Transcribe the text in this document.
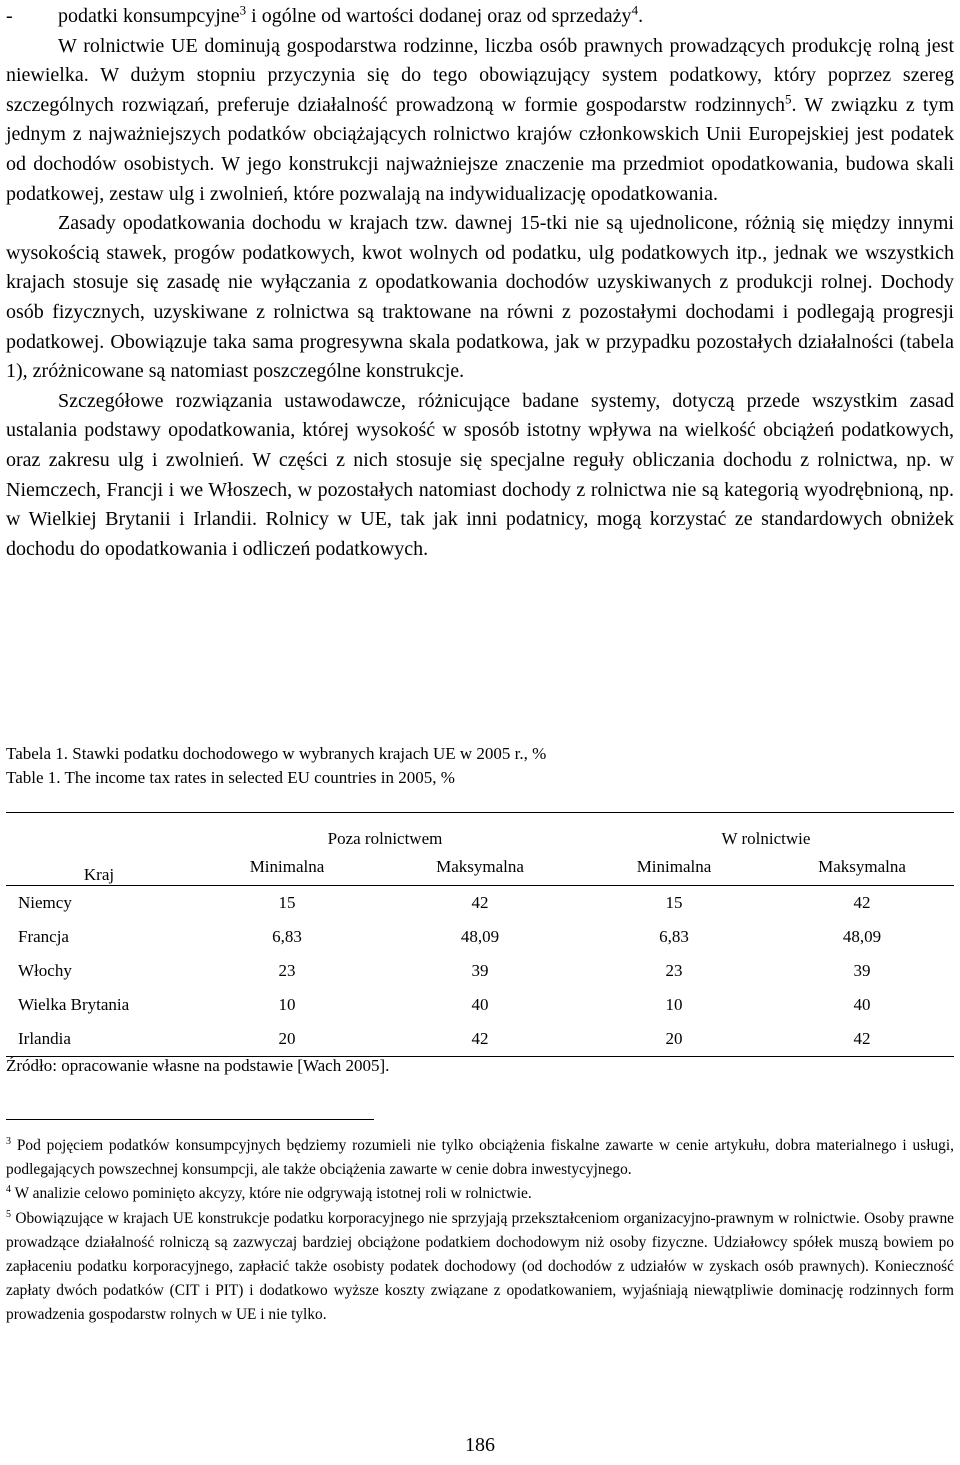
- podatki konsumpcyjne$^3$ i ogólne od wartości dodanej oraz od sprzedaży$^4$.

W rolnictwie UE dominują gospodarstwa rodzinne, liczba osób prawnych prowadzących produkcję rolną jest niewielka. W dużym stopniu przyczynia się do tego obowiązujący system podatkowy, który poprzez szereg szczególnych rozwiązań, preferuje działalność prowadzoną w formie gospodarstw rodzinnych$^5$. W związku z tym jednym z najważniejszych podatków obciążających rolnictwo krajów członkowskich Unii Europejskiej jest podatek od dochodów osobistych. W jego konstrukcji najważniejsze znaczenie ma przedmiot opodatkowania, budowa skali podatkowej, zestaw ulg i zwolnień, które pozwalają na indywidualizację opodatkowania.

Zasady opodatkowania dochodu w krajach tzw. dawnej 15-tki nie są ujednolicone, różnią się między innymi wysokością stawek, progów podatkowych, kwot wolnych od podatku, ulg podatkowych itp., jednak we wszystkich krajach stosuje się zasadę nie wyłączania z opodatkowania dochodów uzyskiwanych z produkcji rolnej. Dochody osób fizycznych, uzyskiwane z rolnictwa są traktowane na równi z pozostałymi dochodami i podlegają progresji podatkowej. Obowiązuje taka sama progresywna skala podatkowa, jak w przypadku pozostałych działalności (tabela 1), zróżnicowane są natomiast poszczególne konstrukcje.

Szczegółowe rozwiązania ustawodawcze, różnicujące badane systemy, dotyczą przede wszystkim zasad ustalania podstawy opodatkowania, której wysokość w sposób istotny wpływa na wielkość obciążeń podatkowych, oraz zakresu ulg i zwolnień. W części z nich stosuje się specjalne reguły obliczania dochodu z rolnictwa, np. w Niemczech, Francji i we Włoszech, w pozostałych natomiast dochody z rolnictwa nie są kategorią wyodrębnioną, np. w Wielkiej Brytanii i Irlandii. Rolnicy w UE, tak jak inni podatnicy, mogą korzystać ze standardowych obniżek dochodu do opodatkowania i odliczeń podatkowych.

Tabela 1. Stawki podatku dochodowego w wybranych krajach UE w 2005 r., %
Table 1. The income tax rates in selected EU countries in 2005, %
Kraj	Poza rolnictwem		W rolnictwie	
	Minimalna	Maksymalna	Minimalna	Maksymalna
Niemcy	15	42	15	42
Francja	6,83	48,09	6,83	48,09
Włochy	23	39	23	39
Wielka Brytania	10	40	10	40
Irlandia	20	42	20	42
Źródło: opracowanie własne na podstawie [Wach 2005].

$^3$ Pod pojęciem podatków konsumpcyjnych będziemy rozumieli nie tylko obciążenia fiskalne zawarte w cenie artykułu, dobra materialnego i usługi, podlegających powszechnej konsumpcji, ale także obciążenia zawarte w cenie dobra inwestycyjnego.

$^4$ W analizie celowo pominięto akcyzy, które nie odgrywają istotnej roli w rolnictwie.

$^5$ Obowiązujące w krajach UE konstrukcje podatku korporacyjnego nie sprzyjają przekształceniom organizacyjno-prawnym w rolnictwie. Osoby prawne prowadzące działalność rolniczą są zazwyczaj bardziej obciążone podatkiem dochodowym niż osoby fizyczne. Udziałowcy spółek muszą bowiem po zapłaceniu podatku korporacyjnego, zapłacić także osobisty podatek dochodowy (od dochodów z udziałów w zyskach osób prawnych). Konieczność zapłaty dwóch podatków (CIT i PIT) i dodatkowo wyższe koszty związane z opodatkowaniem, wyjaśniają niewątpliwie dominację rodzinnych form prowadzenia gospodarstw rolnych w UE i nie tylko.

186
